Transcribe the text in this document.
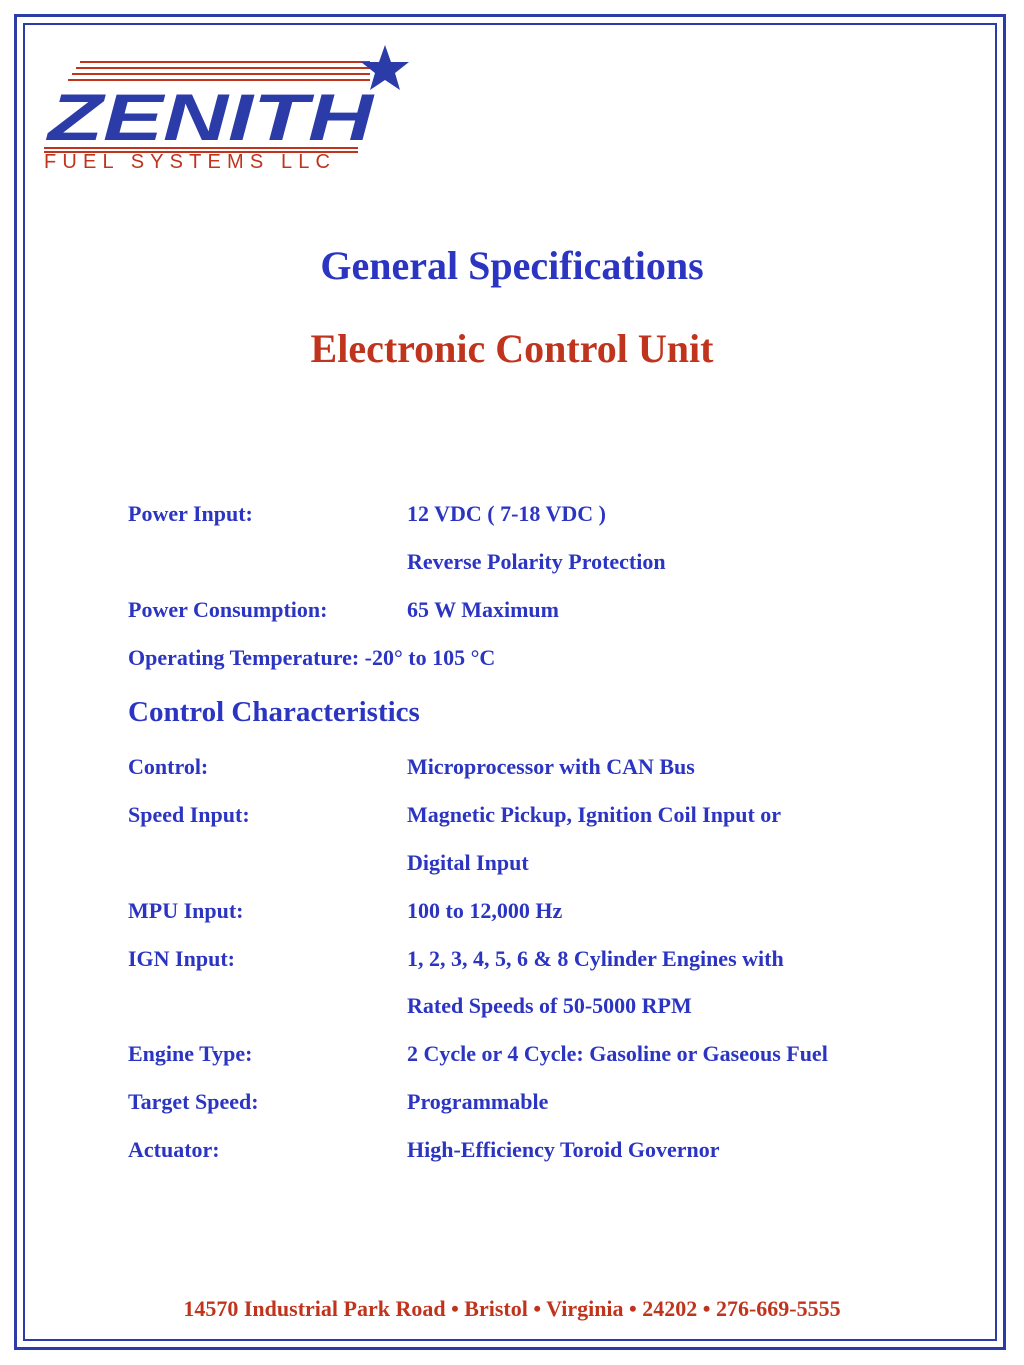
ZENITH
FUEL SYSTEMS LLC
General Specifications
Electronic Control Unit
Power Input:	12 VDC ( 7-18 VDC )
Reverse Polarity Protection
Power Consumption:	65 W Maximum
Operating Temperature: -20° to 105 °C
Control Characteristics
Control:	Microprocessor with CAN Bus
Speed Input:	Magnetic Pickup, Ignition Coil Input or
Digital Input
MPU Input:	100 to 12,000 Hz
IGN Input:	1, 2, 3, 4, 5, 6 & 8 Cylinder Engines with
Rated Speeds of 50-5000 RPM
Engine Type:	2 Cycle or 4 Cycle: Gasoline or Gaseous Fuel
Target Speed:	Programmable
Actuator:	High-Efficiency Toroid Governor
14570 Industrial Park Road • Bristol • Virginia • 24202 • 276-669-5555
